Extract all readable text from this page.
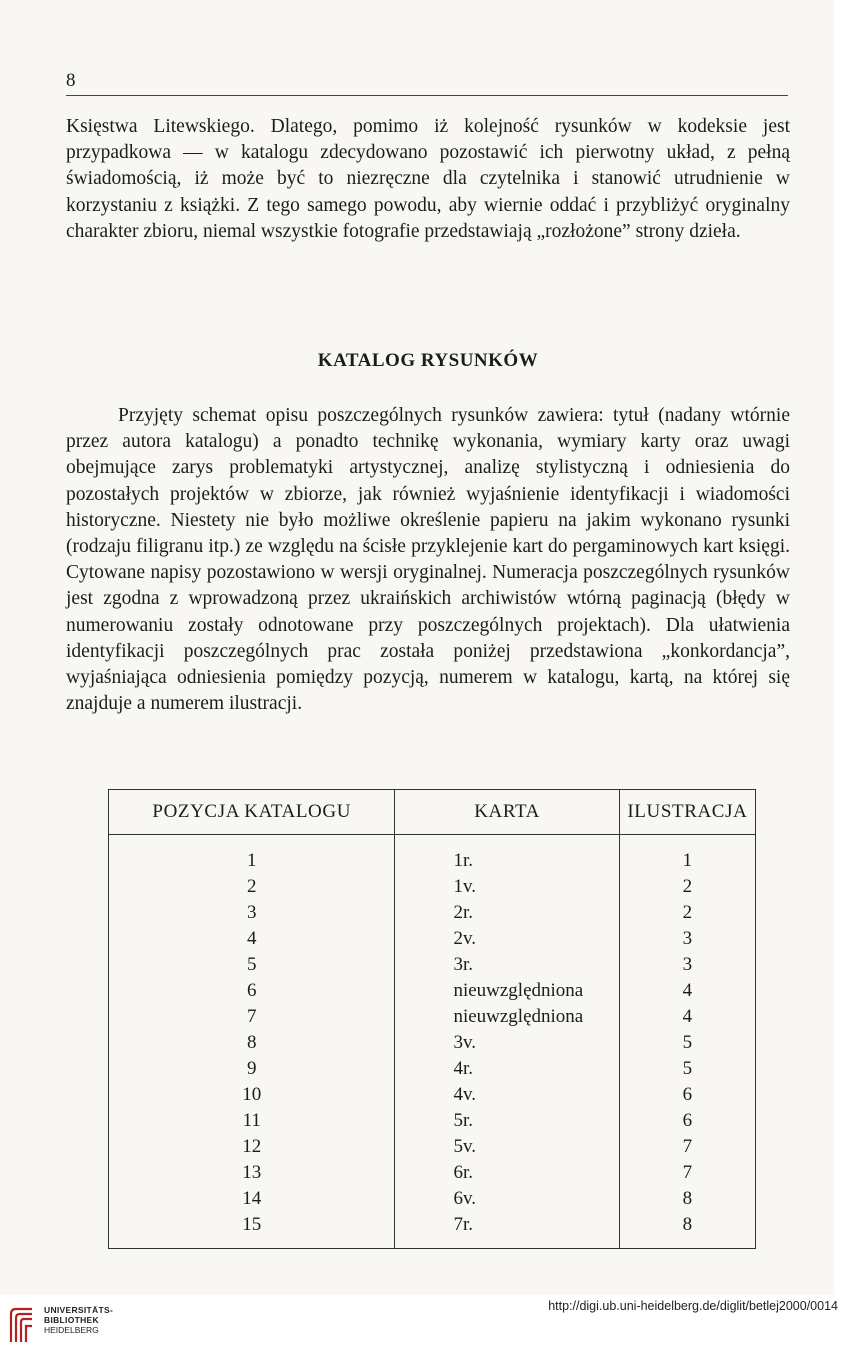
8

Księstwa Litewskiego. Dlatego, pomimo iż kolejność rysunków w kodeksie jest przypadkowa — w katalogu zdecydowano pozostawić ich pierwotny układ, z pełną świadomością, iż może być to niezręczne dla czytelnika i stanowić utrudnienie w korzystaniu z książki. Z tego samego powodu, aby wiernie oddać i przybliżyć oryginalny charakter zbioru, niemal wszystkie fotografie przedstawiają „rozłożone” strony dzieła.

KATALOG RYSUNKÓW

Przyjęty schemat opisu poszczególnych rysunków zawiera: tytuł (nadany wtórnie przez autora katalogu) a ponadto technikę wykonania, wymiary karty oraz uwagi obejmujące zarys problematyki artystycznej, analizę stylistyczną i odniesienia do pozostałych projektów w zbiorze, jak również wyjaśnienie identyfikacji i wiadomości historyczne. Niestety nie było możliwe określenie papieru na jakim wykonano rysunki (rodzaju filigranu itp.) ze względu na ścisłe przyklejenie kart do pergaminowych kart księgi. Cytowane napisy pozostawiono w wersji oryginalnej. Numeracja poszczególnych rysunków jest zgodna z wprowadzoną przez ukraińskich archiwistów wtórną paginacją (błędy w numerowaniu zostały odnotowane przy poszczególnych projektach). Dla ułatwienia identyfikacji poszczególnych prac została poniżej przedstawiona „konkordancja”, wyjaśniająca odniesienia pomiędzy pozycją, numerem w katalogu, kartą, na której się znajduje a numerem ilustracji.

POZYCJA KATALOGU	KARTA	ILUSTRACJA
1	1r.	1
2	1v.	2
3	2r.	2
4	2v.	3
5	3r.	3
6	nieuwzględniona	4
7	nieuwzględniona	4
8	3v.	5
9	4r.	5
10	4v.	6
11	5r.	6
12	5v.	7
13	6r.	7
14	6v.	8
15	7r.	8
UNIVERSITÄTS-
BIBLIOTHEK
HEIDELBERG
http://digi.ub.uni-heidelberg.de/diglit/betlej2000/0014
